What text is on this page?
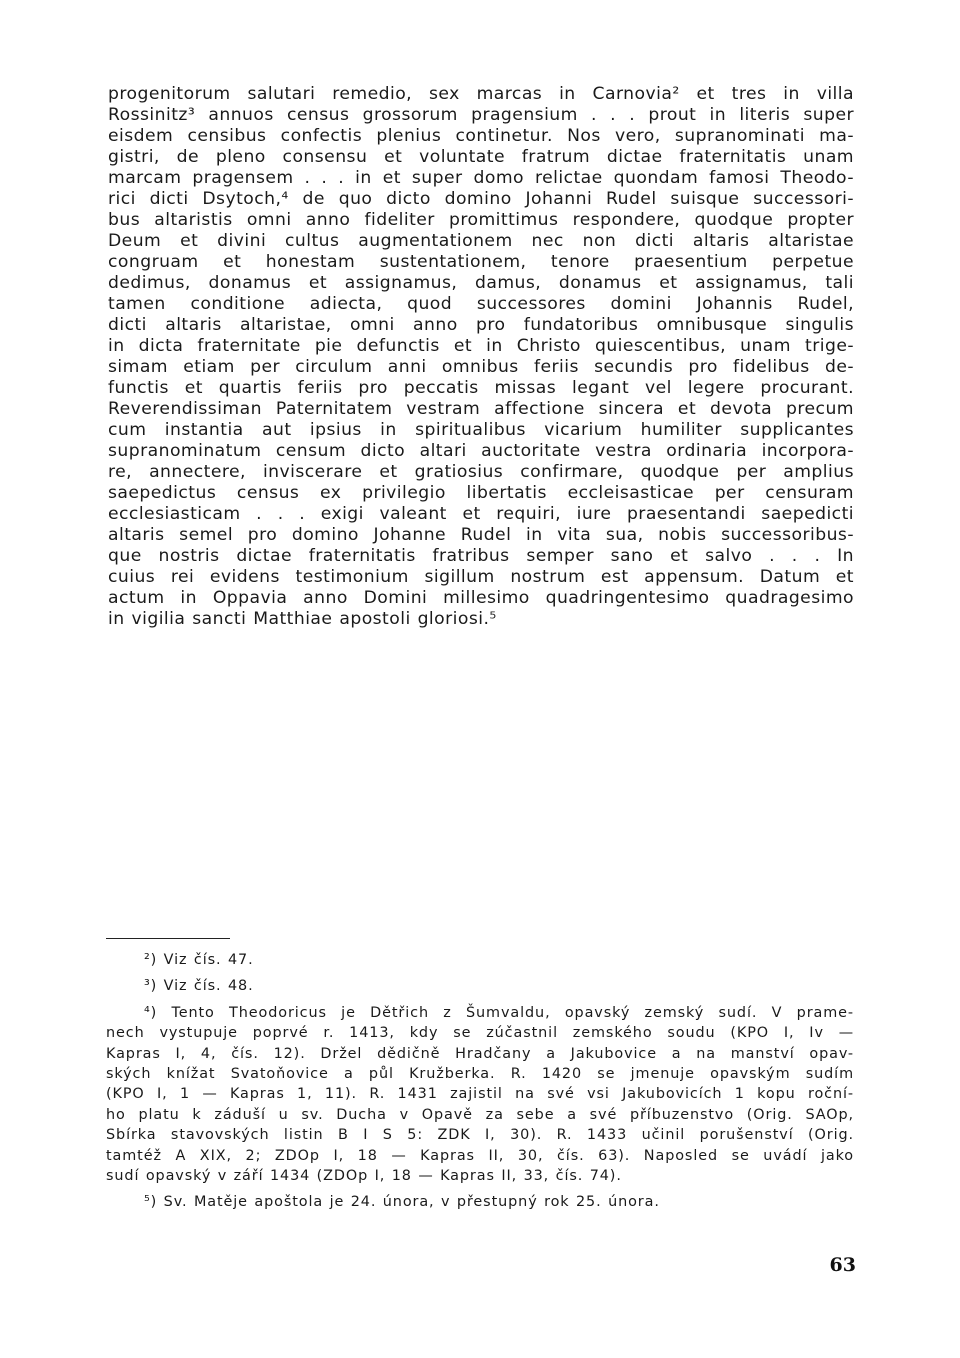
progenitorum salutari remedio, sex marcas in Carnovia² et tres in villa
Rossinitz³ annuos census grossorum pragensium . . . prout in literis super
eisdem censibus confectis plenius continetur. Nos vero, supranominati ma-
gistri, de pleno consensu et voluntate fratrum dictae fraternitatis unam
marcam pragensem . . . in et super domo relictae quondam famosi Theodo-
rici dicti Dsytoch,⁴ de quo dicto domino Johanni Rudel suisque successori-
bus altaristis omni anno fideliter promittimus respondere, quodque propter
Deum et divini cultus augmentationem nec non dicti altaris altaristae
congruam et honestam sustentationem, tenore praesentium perpetue
dedimus, donamus et assignamus, damus, donamus et assignamus, tali
tamen conditione adiecta, quod successores domini Johannis Rudel,
dicti altaris altaristae, omni anno pro fundatoribus omnibusque singulis
in dicta fraternitate pie defunctis et in Christo quiescentibus, unam trige-
simam etiam per circulum anni omnibus feriis secundis pro fidelibus de-
functis et quartis feriis pro peccatis missas legant vel legere procurant.
Reverendissiman Paternitatem vestram affectione sincera et devota precum
cum instantia aut ipsius in spiritualibus vicarium humiliter supplicantes
supranominatum censum dicto altari auctoritate vestra ordinaria incorpora-
re, annectere, inviscerare et gratiosius confirmare, quodque per amplius
saepedictus census ex privilegio libertatis eccleisasticae per censuram
ecclesiasticam . . . exigi valeant et requiri, iure praesentandi saepedicti
altaris semel pro domino Johanne Rudel in vita sua, nobis successoribus-
que nostris dictae fraternitatis fratribus semper sano et salvo . . . In
cuius rei evidens testimonium sigillum nostrum est appensum. Datum et
actum in Oppavia anno Domini millesimo quadringentesimo quadragesimo
in vigilia sancti Matthiae apostoli gloriosi.⁵
²) Viz čís. 47.
³) Viz čís. 48.
⁴) Tento Theodoricus je Dětřich z Šumvaldu, opavský zemský sudí. V prame-
nech vystupuje poprvé r. 1413, kdy se zúčastnil zemského soudu (KPO I, Iv —
Kapras I, 4, čís. 12). Držel dědičně Hradčany a Jakubovice a na manství opav-
ských knížat Svatoňovice a půl Kružberka. R. 1420 se jmenuje opavským sudím
(KPO I, 1 — Kapras 1, 11). R. 1431 zajistil na své vsi Jakubovicích 1 kopu roční-
ho platu k záduší u sv. Ducha v Opavě za sebe a své příbuzenstvo (Orig. SAOp,
Sbírka stavovských listin B I S 5: ZDK I, 30). R. 1433 učinil porušenství (Orig.
tamtéž A XIX, 2; ZDOp I, 18 — Kapras II, 30, čís. 63). Naposled se uvádí jako
sudí opavský v září 1434 (ZDOp I, 18 — Kapras II, 33, čís. 74).
⁵) Sv. Matěje apoštola je 24. února, v přestupný rok 25. února.
63
